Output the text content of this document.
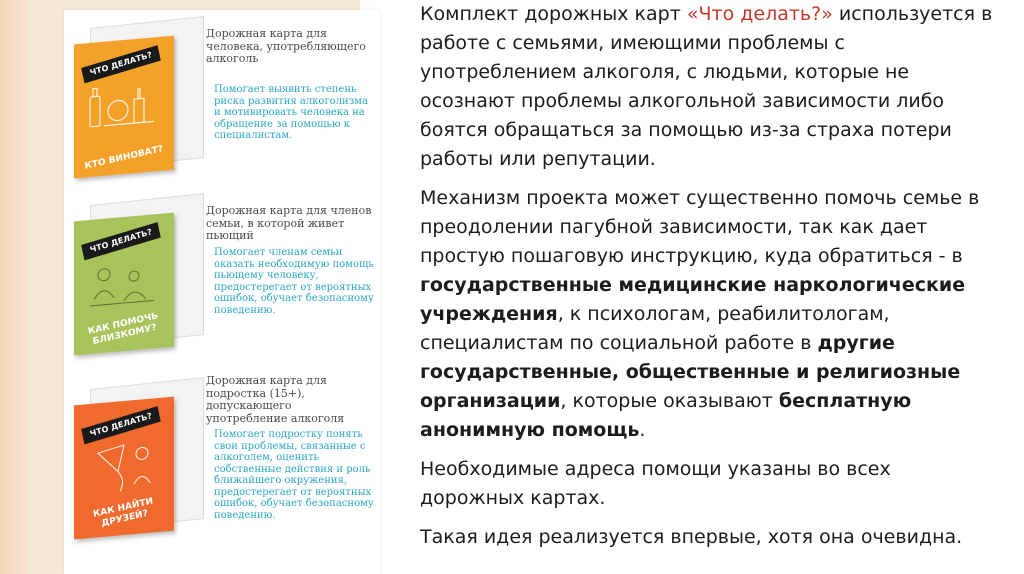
ЧТО ДЕЛАТЬ?
КТО ВИНОВАТ?
Дорожная карта для человека, употребляющего алкоголь
Помогает выявить степень риска развития алкоголизма и мотивировать человека на обращение за помощью к специалистам.
ЧТО ДЕЛАТЬ?
КАК ПОМОЧЬ БЛИЗКОМУ?
Дорожная карта для членов семьи, в которой живет пьющий
Помогает членам семьи оказать необходимую помощь пьющему человеку, предостерегает от вероятных ошибок, обучает безопасному поведению.
ЧТО ДЕЛАТЬ?
КАК НАЙТИ ДРУЗЕЙ?
Дорожная карта для подростка (15+), допускающего употребление алкоголя
Помогает подростку понять свои проблемы, связанные с алкоголем, оценить собственные действия и роль ближайшего окружения, предостерегает от вероятных ошибок, обучает безопасному поведению.

Комплект дорожных карт «Что делать?» используется в работе с семьями, имеющими проблемы с употреблением алкоголя, с людьми, которые не осознают проблемы алкогольной зависимости либо боятся обращаться за помощью из-за страха потери работы или репутации.

Механизм проекта может существенно помочь семье в преодолении пагубной зависимости, так как дает простую пошаговую инструкцию, куда обратиться - в государственные медицинские наркологические учреждения, к психологам, реабилитологам, специалистам по социальной работе в другие государственные, общественные и религиозные организации, которые оказывают бесплатную анонимную помощь.

Необходимые адреса помощи указаны во всех дорожных картах.

Такая идея реализуется впервые, хотя она очевидна.
